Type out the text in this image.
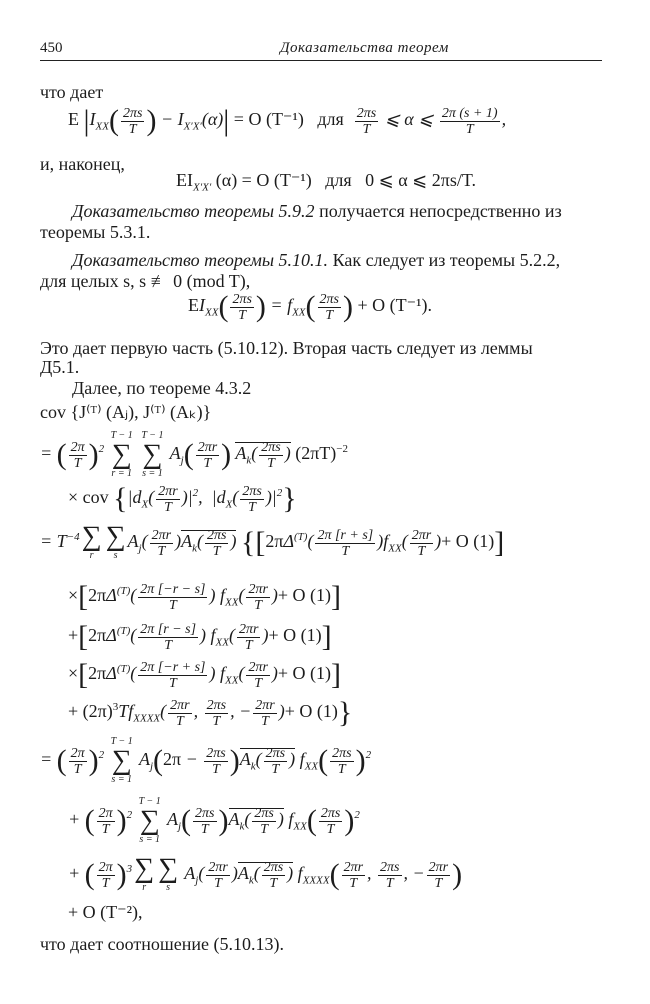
450	Доказательства теорем
что дает
E $|I_{XX}( \frac{2\pi s}{T}$ ) − $I_{X'X'}(\alpha)| = O$ (T⁻¹) для $\frac{2\pi s}{T}$ ⩽ α ⩽ $\frac{2\pi (s + 1)}{T}$ ,
и, наконец,
$EI_{X'X'}$ (α) = O (T⁻¹) для 0 ⩽ α ⩽ 2πs/T.
Доказательство теоремы 5.9.2 получается непосредственно из
теоремы 5.3.1.
Доказательство теоремы 5.10.1. Как следует из теоремы 5.2.2,
для целых s, s ≢ 0 (mod T),
$EI_{XX}( \frac{2\pi s}{T}$ ) = $f_{XX}( \frac{2\pi s}{T}$ ) + O (T⁻¹).
Это дает первую часть (5.10.12). Вторая часть следует из леммы
Д5.1.
Далее, по теореме 4.3.2
cov {J⁽ᵀ⁾ (Aⱼ), J⁽ᵀ⁾ (Aₖ)}
= ( $\frac{2\pi}{T} )^2$
T − 1
∑
r = 1

T − 1
∑
s = 1
$A_j( \frac{2\pi r}{T}$ ) $A_k( \frac{2\pi s}{T}$ ) $(2\pi T)^{-2}$
× cov {$|d_X( \frac{2\pi r}{T} )|^2$,  $|d_X( \frac{2\pi s}{T} )|^2$}
= $T^{-4}$ ∑
r
∑
s
$A_j( \frac{2\pi r}{T} )A_k( \frac{2\pi s}{T}$ ) {[$2\pi\Delta^{(T)}( \frac{2\pi [r + s]}{T} )f_{XX}( \frac{2\pi r}{T}$ )+ O (1)]
$\times[2\pi\Delta^{(T)}( \frac{2\pi [-r - s]}{T}$ ) $f_{XX}( \frac{2\pi r}{T}$ )+ O (1)]
$+[2\pi\Delta^{(T)}( \frac{2\pi [r - s]}{T}$ ) $f_{XX}( \frac{2\pi r}{T}$ )+ O (1)]
$\times[2\pi\Delta^{(T)}( \frac{2\pi [-r + s]}{T}$ ) $f_{XX}( \frac{2\pi r}{T}$ )+ O (1)]
+ $(2\pi)^3Tf_{XXXX}( \frac{2\pi r}{T}$ , $\frac{2\pi s}{T}$ , − $\frac{2\pi r}{T}$ )+ O (1)}
= ( $\frac{2\pi}{T} )^2$
T − 1
∑
s = 1
$A_j(2\pi - \frac{2\pi s}{T} )A_k( \frac{2\pi s}{T}$ ) $f_{XX}( \frac{2\pi s}{T} )^2$
+ ( $\frac{2\pi}{T} )^2$
T − 1
∑
s = 1
$A_j( \frac{2\pi s}{T} )A_k( \frac{2\pi s}{T}$ ) $f_{XX}( \frac{2\pi s}{T} )^2$
+ ( $\frac{2\pi}{T} )^3$ ∑
r
∑
s
$A_j( \frac{2\pi r}{T} )A_k( \frac{2\pi s}{T}$ ) $f_{XXXX}( \frac{2\pi r}{T}$ , $\frac{2\pi s}{T}$ , − $\frac{2\pi r}{T}$ )
+ O (T⁻²),
что дает соотношение (5.10.13).
